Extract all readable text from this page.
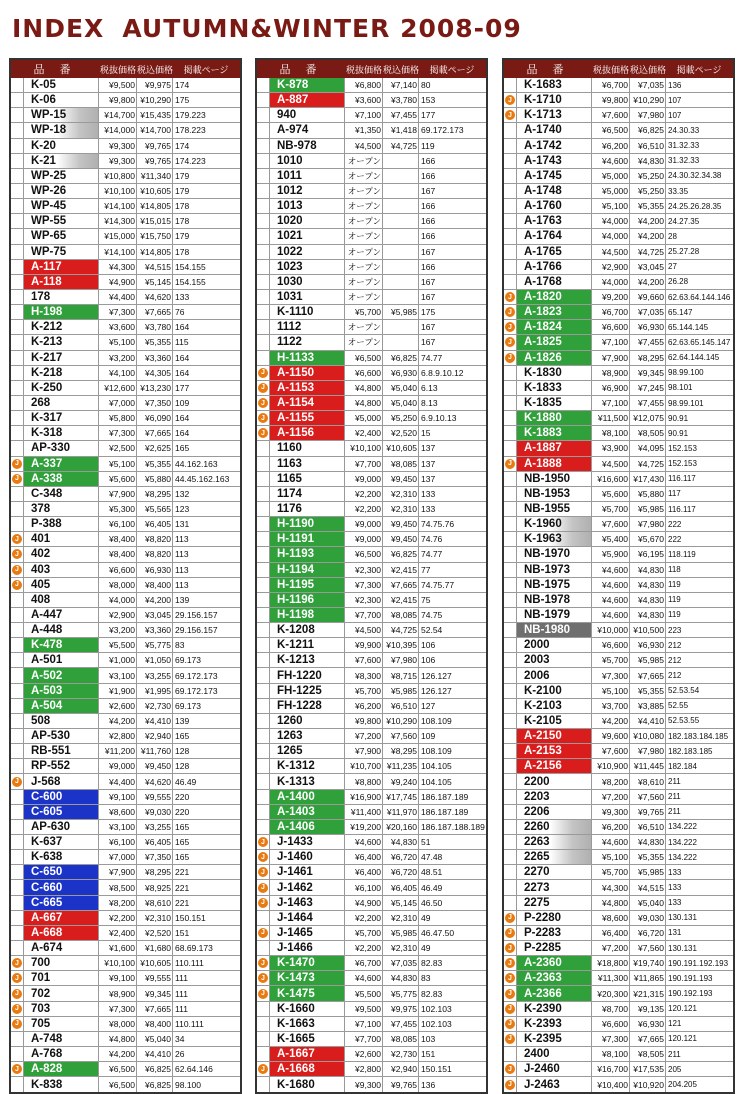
INDEX AUTUMN&WINTER 2008-09
品 番	税抜価格 税込価格	掲載ページ
K-05	¥9,500	¥9,975 174
K-06	¥9,800 ¥10,290 175
WP-15	¥14,700 ¥15,435 179.223
WP-18	¥14,000 ¥14,700 178.223
K-20	¥9,300	¥9,765 174
K-21	¥9,300	¥9,765 174.223
WP-25	¥10,800 ¥11,340 179
WP-26	¥10,100 ¥10,605 179
WP-45	¥14,100 ¥14,805 178
WP-55	¥14,300 ¥15,015 178
WP-65	¥15,000 ¥15,750 179
WP-75	¥14,100 ¥14,805 178
A-117	¥4,300	¥4,515 154.155
A-118	¥4,900	¥5,145 154.155
178	¥4,400	¥4,620 133
H-198	¥7,300	¥7,665 76
K-212	¥3,600	¥3,780 164
K-213	¥5,100	¥5,355 115
K-217	¥3,200	¥3,360 164
K-218	¥4,100	¥4,305 164
K-250	¥12,600 ¥13,230 177
268	¥7,000	¥7,350 109
K-317	¥5,800	¥6,090 164
K-318	¥7,300	¥7,665 164
AP-330	¥2,500	¥2,625 165
J	A-337	¥5,100	¥5,355 44.162.163
J	A-338	¥5,600	¥5,880 44.45.162.163
C-348	¥7,900	¥8,295 132
378	¥5,300	¥5,565 123
P-388	¥6,100	¥6,405 131
J	401	¥8,400	¥8,820 113
J	402	¥8,400	¥8,820 113
J	403	¥6,600	¥6,930 113
J	405	¥8,000	¥8,400 113
408	¥4,000	¥4,200 139
A-447	¥2,900	¥3,045 29.156.157
A-448	¥3,200	¥3,360 29.156.157
K-478	¥5,500	¥5,775 83
A-501	¥1,000	¥1,050 69.173
A-502	¥3,100	¥3,255 69.172.173
A-503	¥1,900	¥1,995 69.172.173
A-504	¥2,600	¥2,730 69.173
508	¥4,200	¥4,410 139
AP-530	¥2,800	¥2,940 165
RB-551	¥11,200 ¥11,760 128
RP-552	¥9,000	¥9,450 128
J	J-568	¥4,400	¥4,620 46.49
C-600	¥9,100	¥9,555 220
C-605	¥8,600	¥9,030 220
AP-630	¥3,100	¥3,255 165
K-637	¥6,100	¥6,405 165
K-638	¥7,000	¥7,350 165
C-650	¥7,900	¥8,295 221
C-660	¥8,500	¥8,925 221
C-665	¥8,200	¥8,610 221
A-667	¥2,200	¥2,310 150.151
A-668	¥2,400	¥2,520 151
A-674	¥1,600	¥1,680 68.69.173
J	700	¥10,100 ¥10,605 110.111
J	701	¥9,100	¥9,555 111
J	702	¥8,900	¥9,345 111
J	703	¥7,300	¥7,665 111
J	705	¥8,000	¥8,400 110.111
A-748	¥4,800	¥5,040 34
A-768	¥4,200	¥4,410 26
J	A-828	¥6,500	¥6,825 62.64.146
K-838	¥6,500	¥6,825 98.100
品 番	税抜価格 税込価格	掲載ページ
K-878	¥6,800	¥7,140 80
A-887	¥3,600	¥3,780 153
940	¥7,100	¥7,455 177
A-974	¥1,350	¥1,418 69.172.173
NB-978	¥4,500	¥4,725 119
1010	オープン	166
1011	オープン	166
1012	オープン	167
1013	オープン	166
1020	オープン	166
1021	オープン	166
1022	オープン	167
1023	オープン	166
1030	オープン	167
1031	オープン	167
K-1110	¥5,700	¥5,985 175
1112	オープン	167
1122	オープン	167
H-1133	¥6,500	¥6,825 74.77
J	A-1150	¥6,600	¥6,930 6.8.9.10.12
J	A-1153	¥4,800	¥5,040 6.13
J	A-1154	¥4,800	¥5,040 8.13
J	A-1155	¥5,000	¥5,250 6.9.10.13
J	A-1156	¥2,400	¥2,520 15
1160	¥10,100 ¥10,605 137
1163	¥7,700	¥8,085 137
1165	¥9,000	¥9,450 137
1174	¥2,200	¥2,310 133
1176	¥2,200	¥2,310 133
H-1190	¥9,000	¥9,450 74.75.76
H-1191	¥9,000	¥9,450 74.76
H-1193	¥6,500	¥6,825 74.77
H-1194	¥2,300	¥2,415 77
H-1195	¥7,300	¥7,665 74.75.77
H-1196	¥2,300	¥2,415 75
H-1198	¥7,700	¥8,085 74.75
K-1208	¥4,500	¥4,725 52.54
K-1211	¥9,900 ¥10,395 106
K-1213	¥7,600	¥7,980 106
FH-1220	¥8,300	¥8,715 126.127
FH-1225	¥5,700	¥5,985 126.127
FH-1228	¥6,200	¥6,510 127
1260	¥9,800 ¥10,290 108.109
1263	¥7,200	¥7,560 109
1265	¥7,900	¥8,295 108.109
K-1312	¥10,700 ¥11,235 104.105
K-1313	¥8,800	¥9,240 104.105
A-1400	¥16,900 ¥17,745 186.187.189
A-1403	¥11,400 ¥11,970 186.187.189
A-1406	¥19,200 ¥20,160 186.187.188.189
J	J-1433	¥4,600	¥4,830 51
J	J-1460	¥6,400	¥6,720 47.48
J	J-1461	¥6,400	¥6,720 48.51
J	J-1462	¥6,100	¥6,405 46.49
J	J-1463	¥4,900	¥5,145 46.50
J-1464	¥2,200	¥2,310 49
J	J-1465	¥5,700	¥5,985 46.47.50
J-1466	¥2,200	¥2,310 49
J	K-1470	¥6,700	¥7,035 82.83
J	K-1473	¥4,600	¥4,830 83
J	K-1475	¥5,500	¥5,775 82.83
K-1660	¥9,500	¥9,975 102.103
K-1663	¥7,100	¥7,455 102.103
K-1665	¥7,700	¥8,085 103
A-1667	¥2,600	¥2,730 151
J	A-1668	¥2,800	¥2,940 150.151
K-1680	¥9,300	¥9,765 136
品 番	税抜価格 税込価格	掲載ページ
K-1683	¥6,700	¥7,035 136
J	K-1710	¥9,800 ¥10,290 107
J	K-1713	¥7,600	¥7,980 107
A-1740	¥6,500	¥6,825 24.30.33
A-1742	¥6,200	¥6,510 31.32.33
A-1743	¥4,600	¥4,830 31.32.33
A-1745	¥5,000	¥5,250 24.30.32.34.38
A-1748	¥5,000	¥5,250 33.35
A-1760	¥5,100	¥5,355 24.25.26.28.35
A-1763	¥4,000	¥4,200 24.27.35
A-1764	¥4,000	¥4,200 28
A-1765	¥4,500	¥4,725 25.27.28
A-1766	¥2,900	¥3,045 27
A-1768	¥4,000	¥4,200 26.28
J	A-1820	¥9,200	¥9,660 62.63.64.144.146
J	A-1823	¥6,700	¥7,035 65.147
J	A-1824	¥6,600	¥6,930 65.144.145
J	A-1825	¥7,100	¥7,455 62.63.65.145.147
J	A-1826	¥7,900	¥8,295 62.64.144.145
K-1830	¥8,900	¥9,345 98.99.100
K-1833	¥6,900	¥7,245 98.101
K-1835	¥7,100	¥7,455 98.99.101
K-1880	¥11,500 ¥12,075 90.91
K-1883	¥8,100	¥8,505 90.91
A-1887	¥3,900	¥4,095 152.153
J	A-1888	¥4,500	¥4,725 152.153
NB-1950	¥16,600 ¥17,430 116.117
NB-1953	¥5,600	¥5,880 117
NB-1955	¥5,700	¥5,985 116.117
K-1960	¥7,600	¥7,980 222
K-1963	¥5,400	¥5,670 222
NB-1970	¥5,900	¥6,195 118.119
NB-1973	¥4,600	¥4,830 118
NB-1975	¥4,600	¥4,830 119
NB-1978	¥4,600	¥4,830 119
NB-1979	¥4,600	¥4,830 119
NB-1980	¥10,000 ¥10,500 223
2000	¥6,600	¥6,930 212
2003	¥5,700	¥5,985 212
2006	¥7,300	¥7,665 212
K-2100	¥5,100	¥5,355 52.53.54
K-2103	¥3,700	¥3,885 52.55
K-2105	¥4,200	¥4,410 52.53.55
A-2150	¥9,600 ¥10,080 182.183.184.185
A-2153	¥7,600	¥7,980 182.183.185
A-2156	¥10,900 ¥11,445 182.184
2200	¥8,200	¥8,610 211
2203	¥7,200	¥7,560 211
2206	¥9,300	¥9,765 211
2260	¥6,200	¥6,510 134.222
2263	¥4,600	¥4,830 134.222
2265	¥5,100	¥5,355 134.222
2270	¥5,700	¥5,985 133
2273	¥4,300	¥4,515 133
2275	¥4,800	¥5,040 133
J	P-2280	¥8,600	¥9,030 130.131
J	P-2283	¥6,400	¥6,720 131
J	P-2285	¥7,200	¥7,560 130.131
J	A-2360	¥18,800 ¥19,740 190.191.192.193
J	A-2363	¥11,300 ¥11,865 190.191.193
J	A-2366	¥20,300 ¥21,315 190.192.193
J	K-2390	¥8,700	¥9,135 120.121
J	K-2393	¥6,600	¥6,930 121
J	K-2395	¥7,300	¥7,665 120.121
2400	¥8,100	¥8,505 211
J	J-2460	¥16,700 ¥17,535 205
J	J-2463	¥10,400 ¥10,920 204.205
